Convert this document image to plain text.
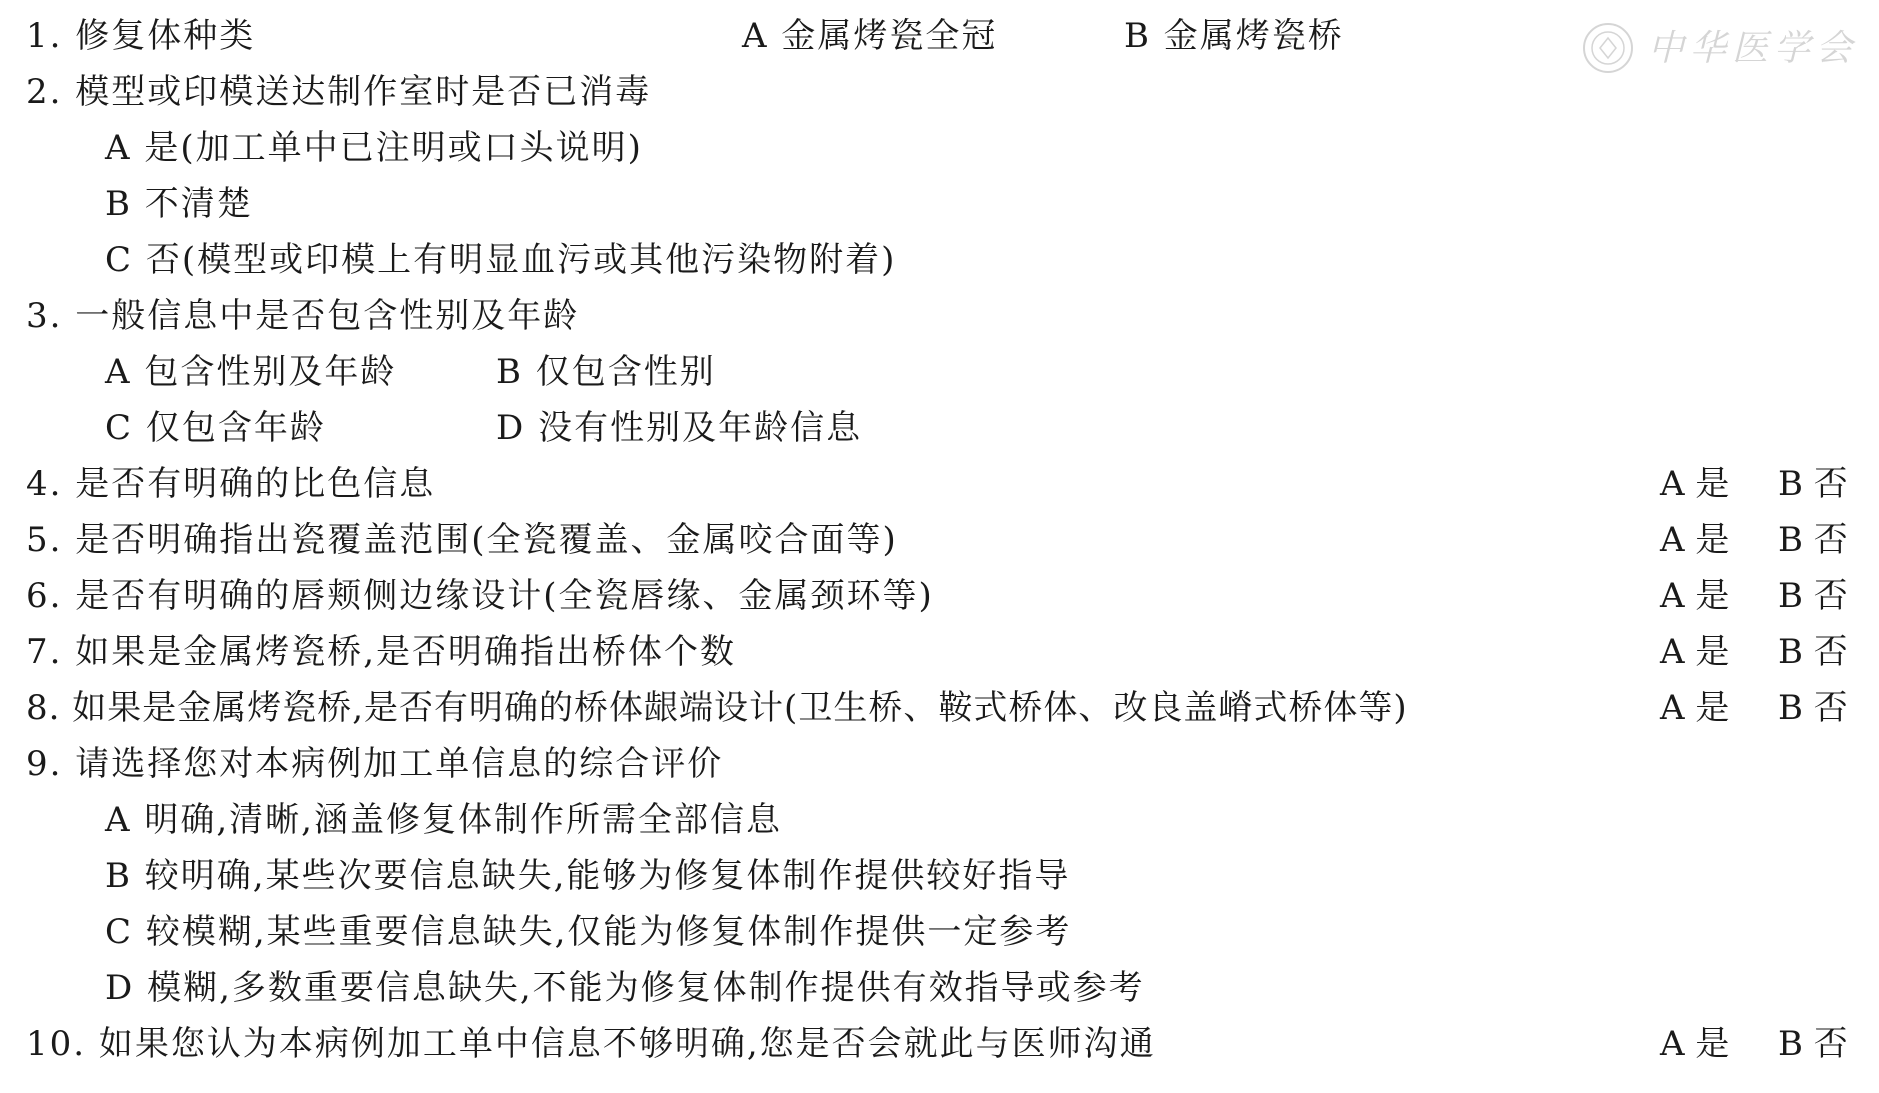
中华医学会
1. 修复体种类	A 金属烤瓷全冠	B 金属烤瓷桥
2. 模型或印模送达制作室时是否已消毒
A 是(加工单中已注明或口头说明)
B 不清楚
C 否(模型或印模上有明显血污或其他污染物附着)
3. 一般信息中是否包含性别及年龄
A 包含性别及年龄	B 仅包含性别
C 仅包含年龄	D 没有性别及年龄信息
4. 是否有明确的比色信息	A 是 B 否
5. 是否明确指出瓷覆盖范围(全瓷覆盖、金属咬合面等)	A 是 B 否
6. 是否有明确的唇颊侧边缘设计(全瓷唇缘、金属颈环等)	A 是 B 否
7. 如果是金属烤瓷桥,是否明确指出桥体个数	A 是 B 否
8. 如果是金属烤瓷桥,是否有明确的桥体龈端设计(卫生桥、鞍式桥体、改良盖嵴式桥体等)	A 是 B 否
9. 请选择您对本病例加工单信息的综合评价
A 明确,清晰,涵盖修复体制作所需全部信息
B 较明确,某些次要信息缺失,能够为修复体制作提供较好指导
C 较模糊,某些重要信息缺失,仅能为修复体制作提供一定参考
D 模糊,多数重要信息缺失,不能为修复体制作提供有效指导或参考
10. 如果您认为本病例加工单中信息不够明确,您是否会就此与医师沟通	A 是 B 否
